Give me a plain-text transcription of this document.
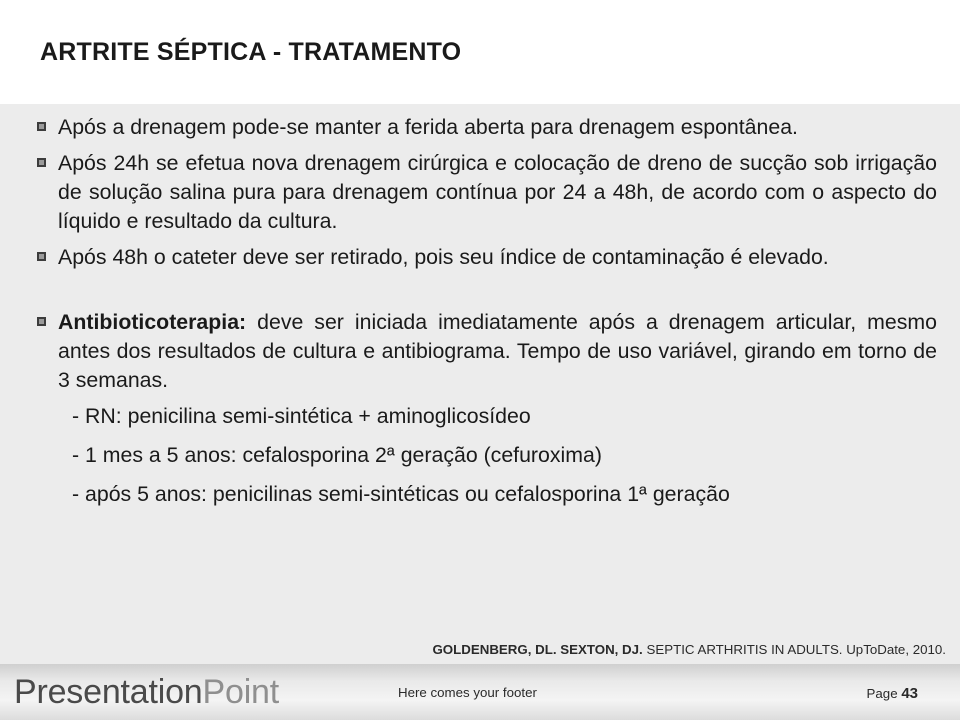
ARTRITE SÉPTICA - TRATAMENTO
Após a drenagem pode-se manter a ferida aberta para drenagem espontânea.
Após 24h se efetua nova drenagem cirúrgica e colocação de dreno de sucção sob irrigação de solução salina pura para drenagem contínua por 24 a 48h, de acordo com o aspecto do líquido e resultado da cultura.
Após 48h o cateter deve ser retirado, pois seu índice de contaminação é elevado.
Antibioticoterapia: deve ser iniciada imediatamente após a drenagem articular, mesmo antes dos resultados de cultura e antibiograma. Tempo de uso variável, girando em torno de 3 semanas.
- RN: penicilina semi-sintética + aminoglicosídeo
- 1 mes a 5 anos: cefalosporina 2ª geração (cefuroxima)
- após 5 anos: penicilinas semi-sintéticas ou cefalosporina 1ª geração
GOLDENBERG, DL. SEXTON, DJ. SEPTIC ARTHRITIS IN ADULTS. UpToDate, 2010.
PresentationPoint	Here comes your footer	Page 43
